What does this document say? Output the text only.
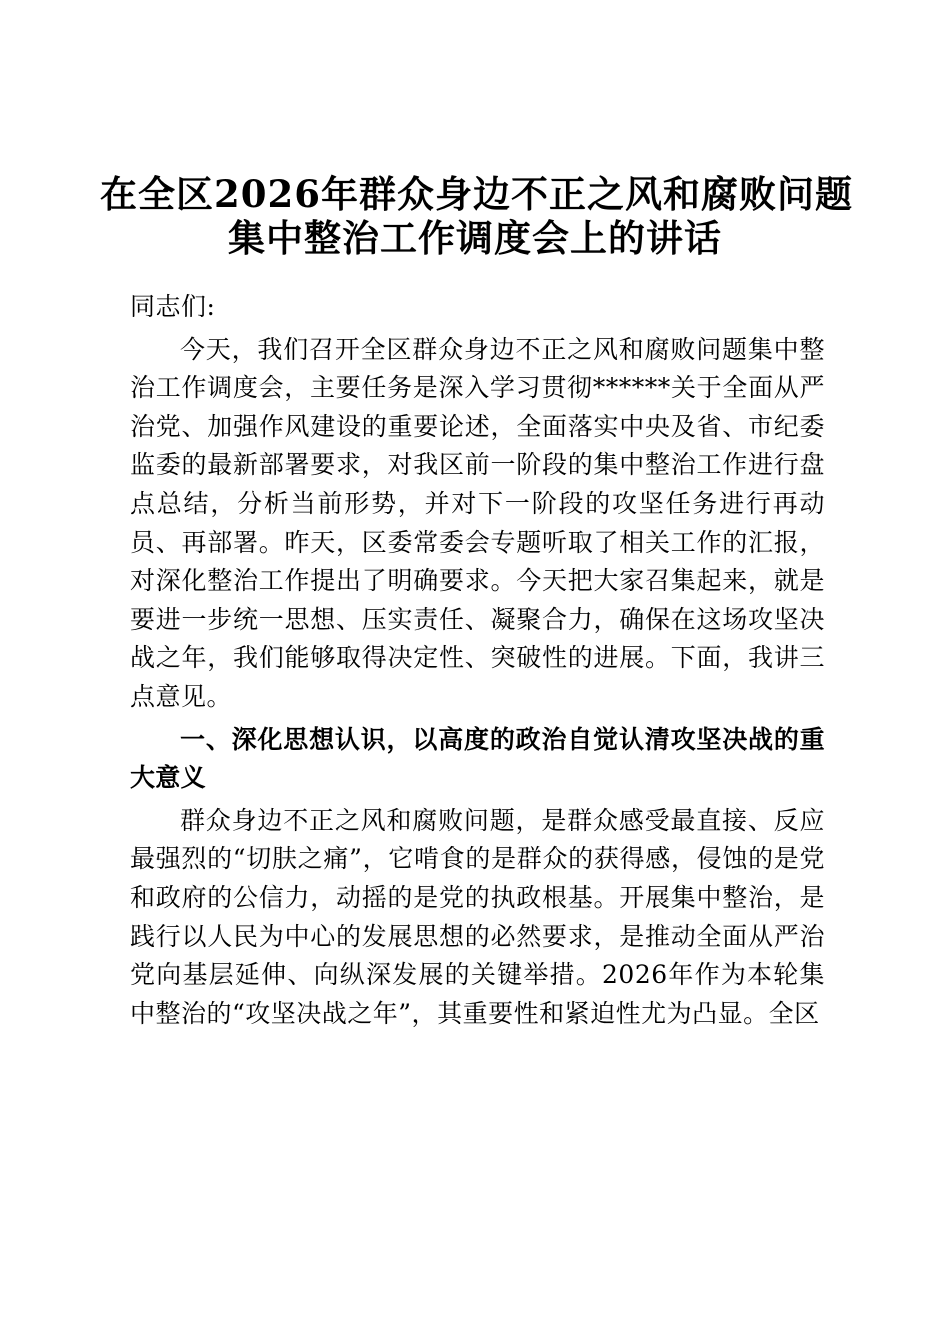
在全区2026年群众身边不正之风和腐败问题
集中整治工作调度会上的讲话

同志们:

今天，我们召开全区群众身边不正之风和腐败问题集中整治工作调度会，主要任务是深入学习贯彻******关于全面从严治党、加强作风建设的重要论述，全面落实中央及省、市纪委监委的最新部署要求，对我区前一阶段的集中整治工作进行盘点总结，分析当前形势，并对下一阶段的攻坚任务进行再动员、再部署。昨天，区委常委会专题听取了相关工作的汇报，对深化整治工作提出了明确要求。今天把大家召集起来，就是要进一步统一思想、压实责任、凝聚合力，确保在这场攻坚决战之年，我们能够取得决定性、突破性的进展。下面，我讲三点意见。

一、深化思想认识，以高度的政治自觉认清攻坚决战的重大意义

群众身边不正之风和腐败问题，是群众感受最直接、反应最强烈的“切肤之痛”，它啃食的是群众的获得感，侵蚀的是党和政府的公信力，动摇的是党的执政根基。开展集中整治，是践行以人民为中心的发展思想的必然要求，是推动全面从严治党向基层延伸、向纵深发展的关键举措。2026年作为本轮集中整治的“攻坚决战之年”，其重要性和紧迫性尤为凸显。全区
